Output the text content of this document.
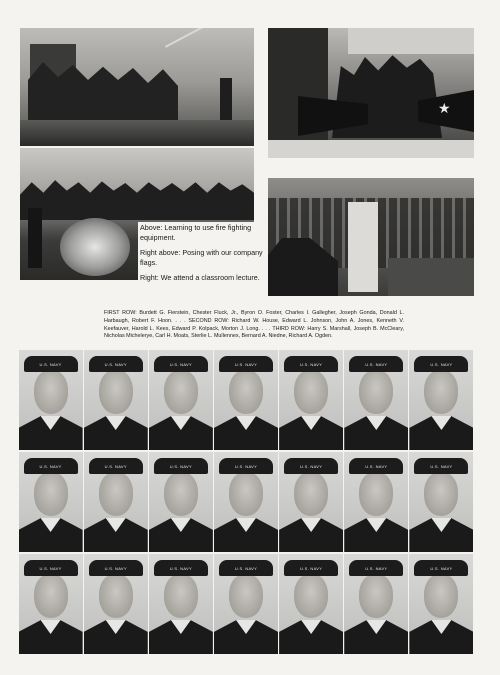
★

Above: Learning to use fire fighting equipment.

Right above: Posing with our company flags.

Right: We attend a classroom lecture.

FIRST ROW: Burdett G. Fierstein, Chester Fluck, Jr., Byron O. Foster, Charles I. Gallegher, Joseph Gonda, Donald L. Harbaugh, Robert F. Hoon. . . . SECOND ROW: Richard W. House, Edward L. Johnson, John A. Jones, Kenneth V. Keefauver, Harold L. Kees, Edward P. Kolpack, Morton J. Long. . . . THIRD ROW: Harry S. Marshall, Joseph B. McCleary, Nicholas Michelerye, Carl H. Moats, Sterlie L. Mullennex, Bernard A. Niedne, Richard A. Ogden.
U.S. NAVY	U.S. NAVY	U.S. NAVY	U.S. NAVY	U.S. NAVY	U.S. NAVY	U.S. NAVY
U.S. NAVY	U.S. NAVY	U.S. NAVY	U.S. NAVY	U.S. NAVY	U.S. NAVY	U.S. NAVY
U.S. NAVY	U.S. NAVY	U.S. NAVY	U.S. NAVY	U.S. NAVY	U.S. NAVY	U.S. NAVY
